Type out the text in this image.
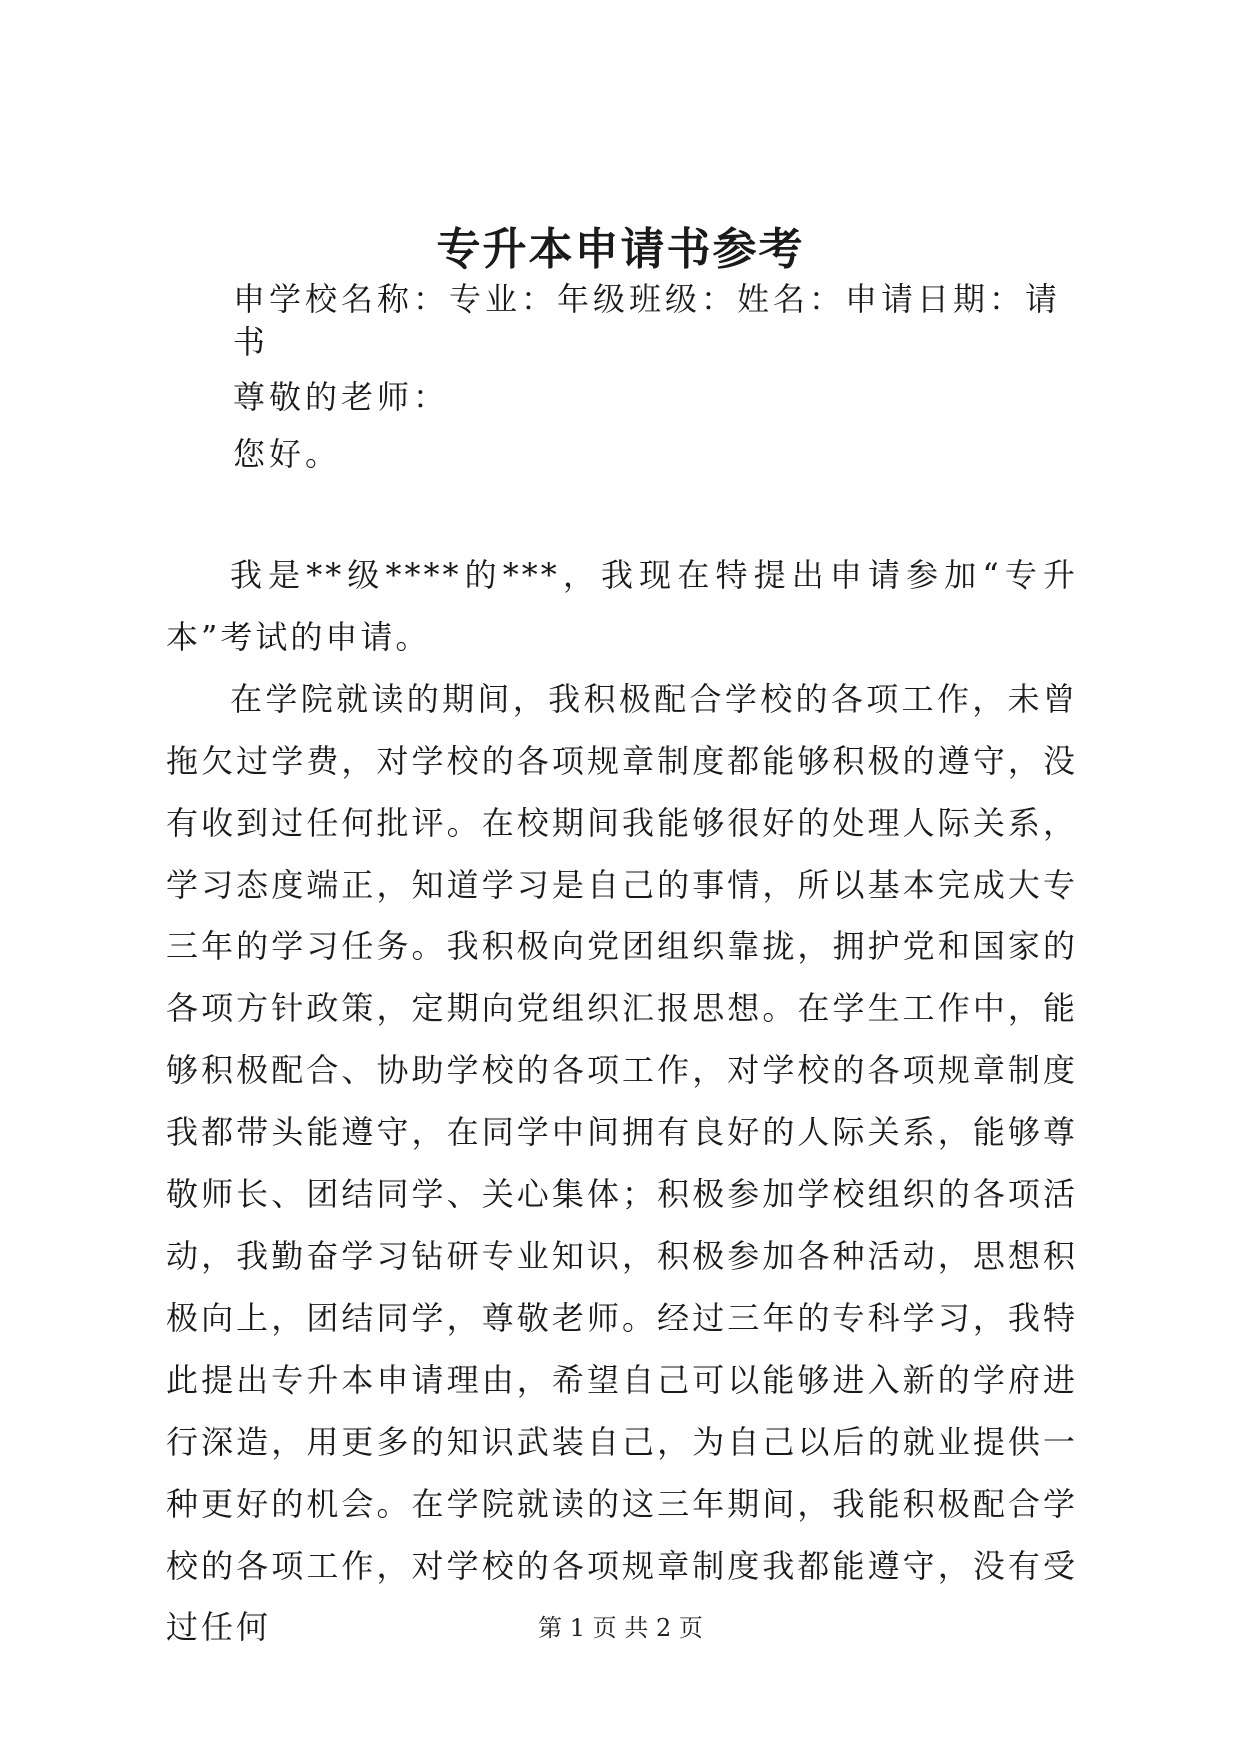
专升本申请书参考
申学校名称：专业：年级班级：姓名：申请日期：请
书
尊敬的老师：
您好。

我是**级****的***，我现在特提出申请参加“专升本”考试的申请。

在学院就读的期间，我积极配合学校的各项工作，未曾拖欠过学费，对学校的各项规章制度都能够积极的遵守，没有收到过任何批评。在校期间我能够很好的处理人际关系，学习态度端正，知道学习是自己的事情，所以基本完成大专三年的学习任务。我积极向党团组织靠拢，拥护党和国家的各项方针政策，定期向党组织汇报思想。在学生工作中，能够积极配合、协助学校的各项工作，对学校的各项规章制度我都带头能遵守，在同学中间拥有良好的人际关系，能够尊敬师长、团结同学、关心集体；积极参加学校组织的各项活动，我勤奋学习钻研专业知识，积极参加各种活动，思想积极向上，团结同学，尊敬老师。经过三年的专科学习，我特此提出专升本申请理由，希望自己可以能够进入新的学府进行深造，用更多的知识武装自己，为自己以后的就业提供一种更好的机会。在学院就读的这三年期间，我能积极配合学校的各项工作，对学校的各项规章制度我都能遵守，没有受过任何	第 1 页 共 2 页
